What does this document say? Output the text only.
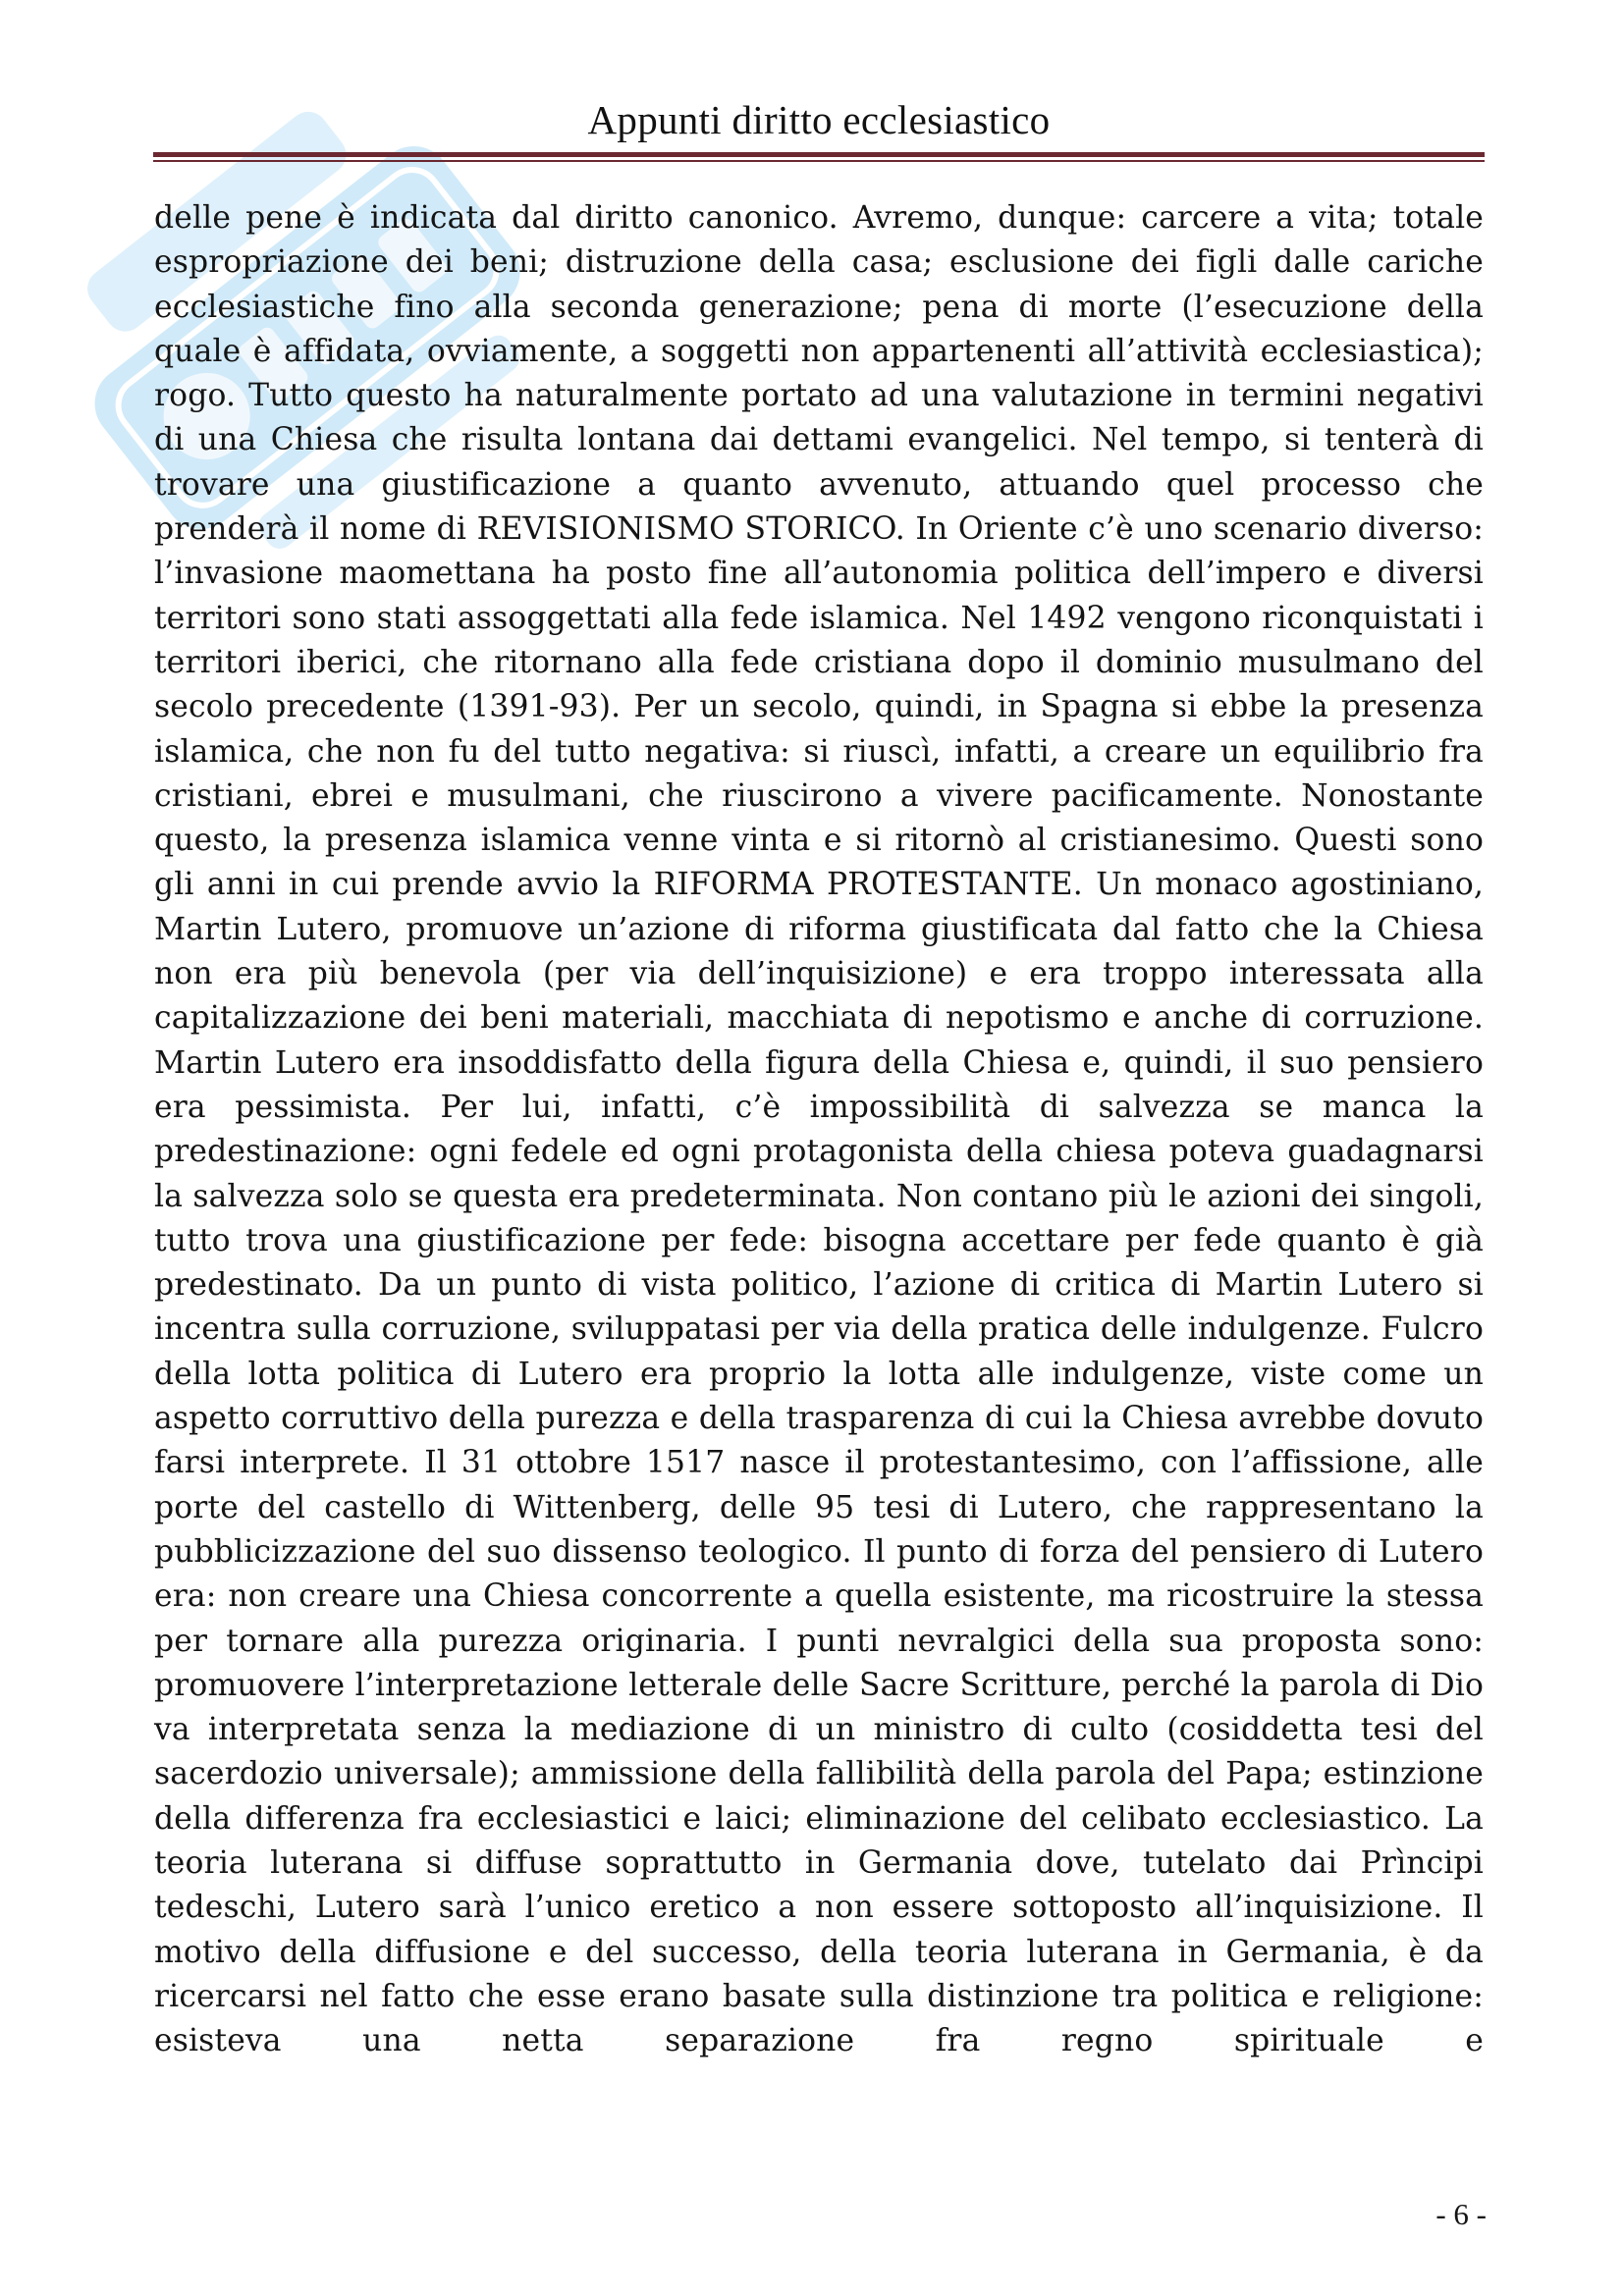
Appunti diritto ecclesiastico

delle pene è indicata dal diritto canonico. Avremo, dunque: carcere a vita; totale espropriazione dei beni; distruzione della casa; esclusione dei figli dalle cariche ecclesiastiche fino alla seconda generazione; pena di morte (l’esecuzione della quale è affidata, ovviamente, a soggetti non appartenenti all’attività ecclesiastica); rogo. Tutto questo ha naturalmente portato ad una valutazione in termini negativi di una Chiesa che risulta lontana dai dettami evangelici. Nel tempo, si tenterà di trovare una giustificazione a quanto avvenuto, attuando quel processo che prenderà il nome di REVISIONISMO STORICO. In Oriente c’è uno scenario diverso: l’invasione maomettana ha posto fine all’autonomia politica dell’impero e diversi territori sono stati assoggettati alla fede islamica. Nel 1492 vengono riconquistati i territori iberici, che ritornano alla fede cristiana dopo il dominio musulmano del secolo precedente (1391-93). Per un secolo, quindi, in Spagna si ebbe la presenza islamica, che non fu del tutto negativa: si riuscì, infatti, a creare un equilibrio fra cristiani, ebrei e musulmani, che riuscirono a vivere pacificamente. Nonostante questo, la presenza islamica venne vinta e si ritornò al cristianesimo. Questi sono gli anni in cui prende avvio la RIFORMA PROTESTANTE. Un monaco agostiniano, Martin Lutero, promuove un’azione di riforma giustificata dal fatto che la Chiesa non era più benevola (per via dell’inquisizione) e era troppo interessata alla capitalizzazione dei beni materiali, macchiata di nepotismo e anche di corruzione. Martin Lutero era insoddisfatto della figura della Chiesa e, quindi, il suo pensiero era pessimista. Per lui, infatti, c’è impossibilità di salvezza se manca la predestinazione: ogni fedele ed ogni protagonista della chiesa poteva guadagnarsi la salvezza solo se questa era predeterminata. Non contano più le azioni dei singoli, tutto trova una giustificazione per fede: bisogna accettare per fede quanto è già predestinato. Da un punto di vista politico, l’azione di critica di Martin Lutero si incentra sulla corruzione, sviluppatasi per via della pratica delle indulgenze. Fulcro della lotta politica di Lutero era proprio la lotta alle indulgenze, viste come un aspetto corruttivo della purezza e della trasparenza di cui la Chiesa avrebbe dovuto farsi interprete. Il 31 ottobre 1517 nasce il protestantesimo, con l’affissione, alle porte del castello di Wittenberg, delle 95 tesi di Lutero, che rappresentano la pubblicizzazione del suo dissenso teologico. Il punto di forza del pensiero di Lutero era: non creare una Chiesa concorrente a quella esistente, ma ricostruire la stessa per tornare alla purezza originaria. I punti nevralgici della sua proposta sono: promuovere l’interpretazione letterale delle Sacre Scritture, perché la parola di Dio va interpretata senza la mediazione di un ministro di culto (cosiddetta tesi del sacerdozio universale); ammissione della fallibilità della parola del Papa; estinzione della differenza fra ecclesiastici e laici; eliminazione del celibato ecclesiastico. La teoria luterana si diffuse soprattutto in Germania dove, tutelato dai Prìncipi tedeschi, Lutero sarà l’unico eretico a non essere sottoposto all’inquisizione. Il motivo della diffusione e del successo, della teoria luterana in Germania, è da ricercarsi nel fatto che esse erano basate sulla distinzione tra politica e religione: esisteva una netta separazione fra regno spirituale e

- 6 -
